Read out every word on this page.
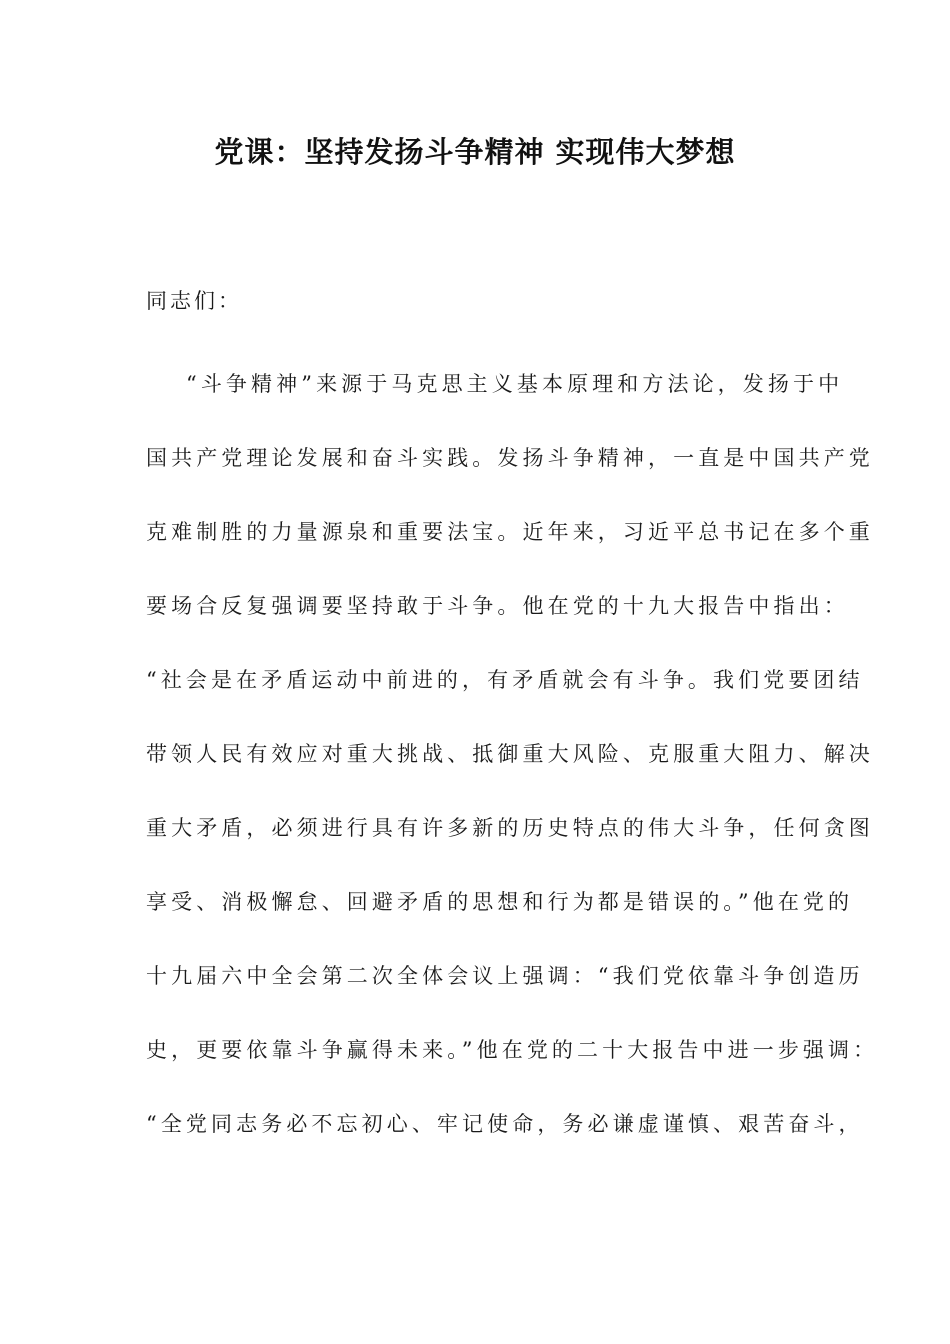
党课：坚持发扬斗争精神 实现伟大梦想
同志们：
“斗争精神”来源于马克思主义基本原理和方法论，发扬于中
国共产党理论发展和奋斗实践。发扬斗争精神，一直是中国共产党
克难制胜的力量源泉和重要法宝。近年来，习近平总书记在多个重
要场合反复强调要坚持敢于斗争。他在党的十九大报告中指出：
“社会是在矛盾运动中前进的，有矛盾就会有斗争。我们党要团结
带领人民有效应对重大挑战、抵御重大风险、克服重大阻力、解决
重大矛盾，必须进行具有许多新的历史特点的伟大斗争，任何贪图
享受、消极懈怠、回避矛盾的思想和行为都是错误的。”他在党的
十九届六中全会第二次全体会议上强调：“我们党依靠斗争创造历
史，更要依靠斗争赢得未来。”他在党的二十大报告中进一步强调：
“全党同志务必不忘初心、牢记使命，务必谦虚谨慎、艰苦奋斗，
